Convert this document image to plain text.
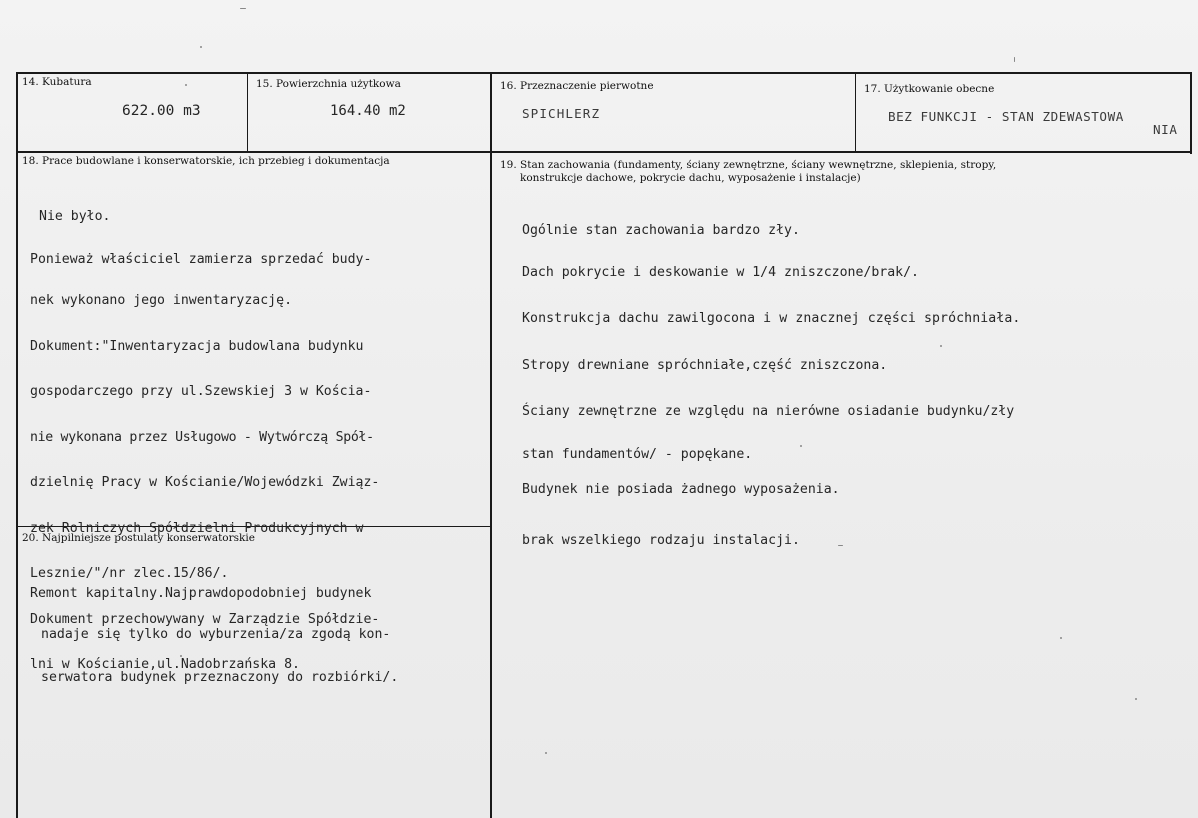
14. Kubatura
622.00 m3
15. Powierzchnia użytkowa
164.40 m2
16. Przeznaczenie pierwotne
SPICHLERZ
17. Użytkowanie obecne
BEZ FUNKCJI - STAN ZDEWASTOWA
NIA
18. Prace budowlane i konserwatorskie, ich przebieg i dokumentacja

Nie było.

Ponieważ właściciel zamierza sprzedać budy-

nek wykonano jego inwentaryzację.

Dokument:"Inwentaryzacja budowlana budynku

gospodarczego przy ul.Szewskiej 3 w Kościa-

nie wykonana przez Usługowo - Wytwórczą Spół-

dzielnię Pracy w Kościanie/Wojewódzki Związ-

zek Rolniczych Spółdzielni Produkcyjnych w

Lesznie/"/nr zlec.15/86/.

Dokument przechowywany w Zarządzie Spółdzie-

lni w Kościanie,ul.Nadobrzańska 8.

19. Stan zachowania (fundamenty, ściany zewnętrzne, ściany wewnętrzne, sklepienia, stropy,
konstrukcje dachowe, pokrycie dachu, wyposażenie i instalacje)

Ogólnie stan zachowania bardzo zły.

Dach pokrycie i deskowanie w 1/4 zniszczone/brak/.

Konstrukcja dachu zawilgocona i w znacznej części spróchniała.

Stropy drewniane spróchniałe,część zniszczona.

Ściany zewnętrzne ze względu na nierówne osiadanie budynku/zły

stan fundamentów/ - popękane.

Budynek nie posiada żadnego wyposażenia.

brak wszelkiego rodzaju instalacji.

20. Najpilniejsze postulaty konserwatorskie

Remont kapitalny.Najprawdopodobniej budynek

nadaje się tylko do wyburzenia/za zgodą kon-

serwatora budynek przeznaczony do rozbiórki/.
